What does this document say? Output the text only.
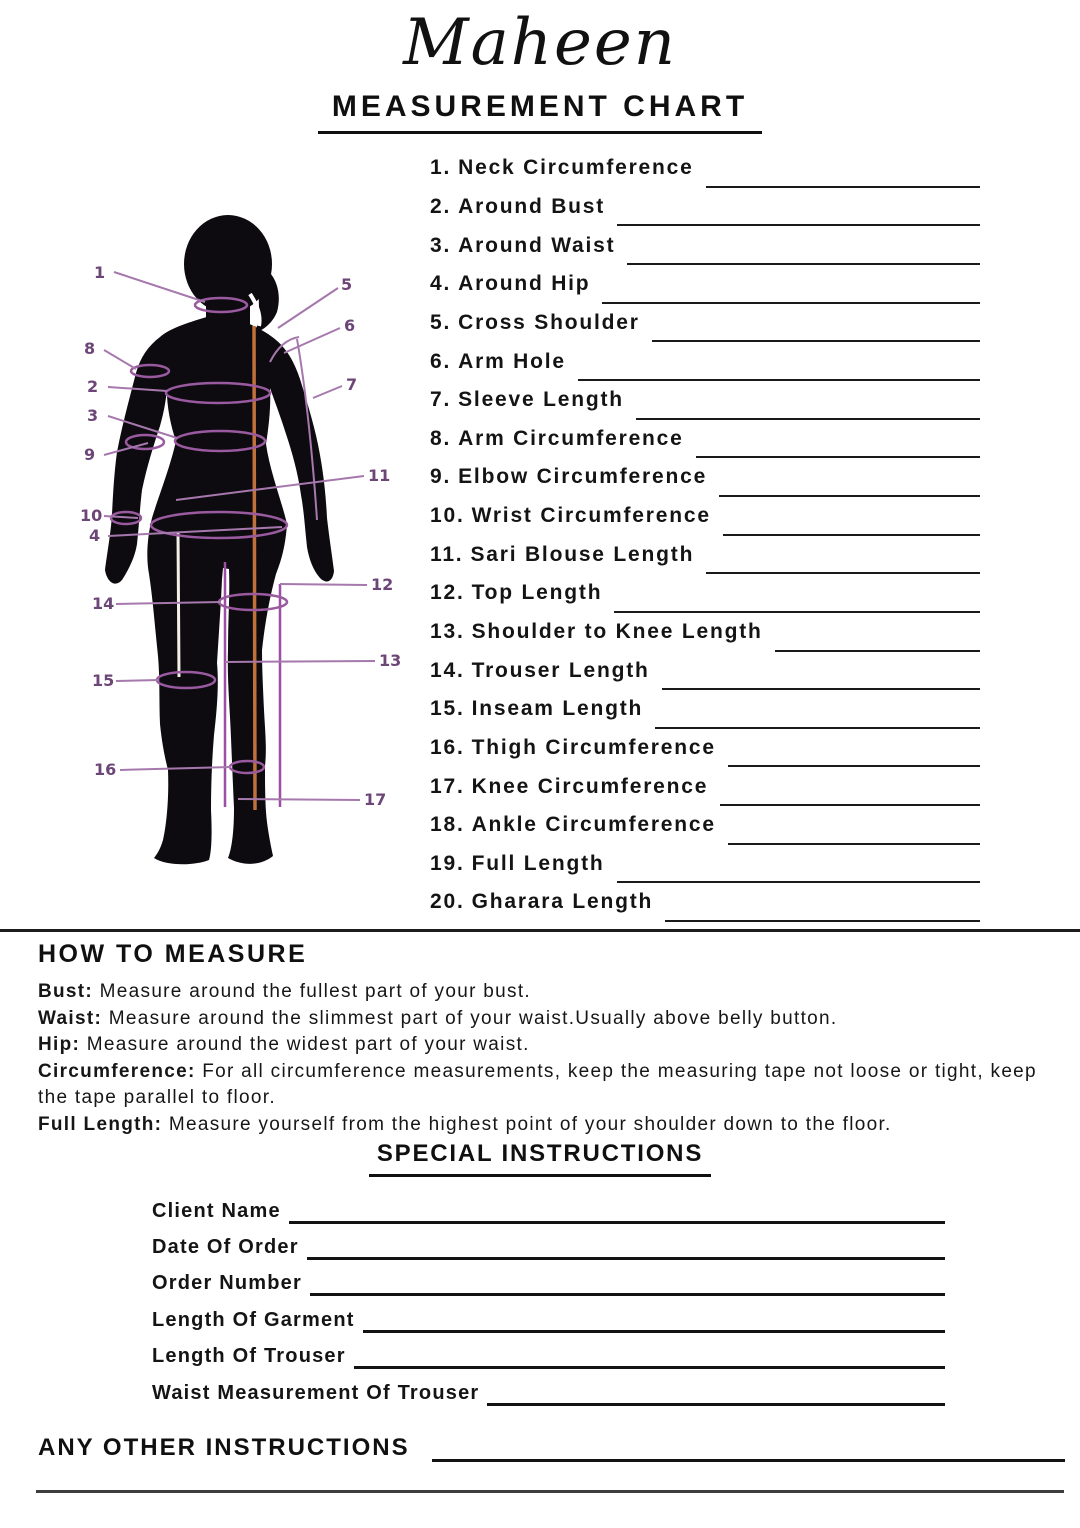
Maheen
MEASUREMENT CHART
1
5
6
8
2	7
3
9
11
10
4
12
14
13
15
16
17
1. Neck Circumference
2. Around Bust
3. Around Waist
4. Around Hip
5. Cross Shoulder
6. Arm Hole
7. Sleeve Length
8. Arm Circumference
9. Elbow Circumference
10. Wrist Circumference
11. Sari Blouse Length
12. Top Length
13. Shoulder to Knee Length
14. Trouser Length
15. Inseam Length
16. Thigh Circumference
17. Knee Circumference
18. Ankle Circumference
19. Full Length
20. Gharara Length
HOW TO MEASURE

Bust: Measure around the fullest part of your bust.

Waist: Measure around the slimmest part of your waist.Usually above belly button.

Hip: Measure around the widest part of your waist.

Circumference: For all circumference measurements, keep the measuring tape not loose or tight, keep the tape parallel to floor.

Full Length: Measure yourself from the highest point of your shoulder down to the floor.

SPECIAL INSTRUCTIONS
Client Name
Date Of Order
Order Number
Length Of Garment
Length Of Trouser
Waist Measurement Of Trouser
ANY OTHER INSTRUCTIONS
